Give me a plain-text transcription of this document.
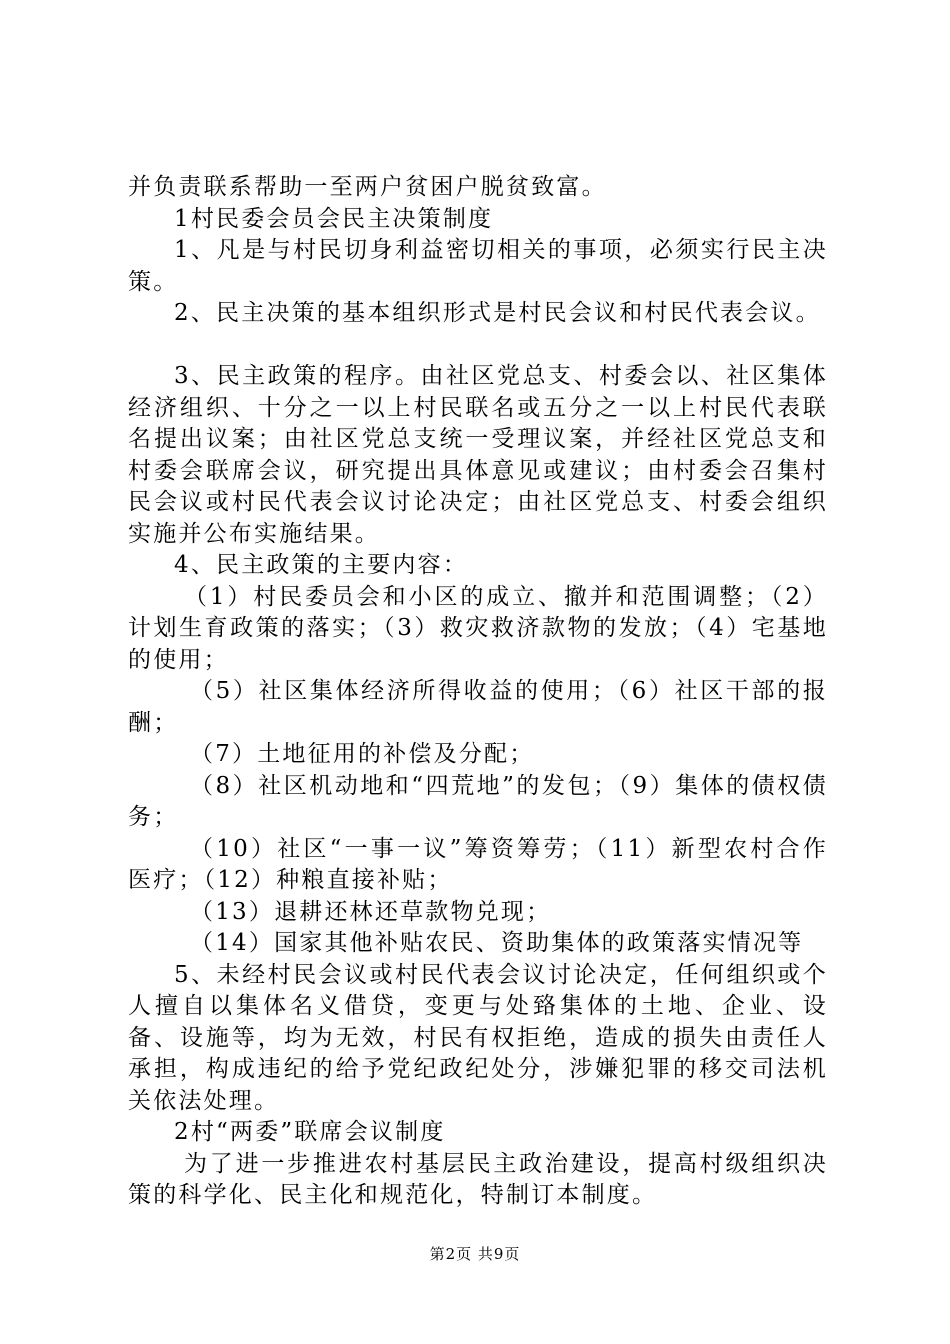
并负责联系帮助一至两户贫困户脱贫致富。

1村民委会员会民主决策制度

1、凡是与村民切身利益密切相关的事项，必须实行民主决策。

2、民主决策的基本组织形式是村民会议和村民代表会议。

3、民主政策的程序。由社区党总支、村委会以、社区集体经济组织、十分之一以上村民联名或五分之一以上村民代表联名提出议案；由社区党总支统一受理议案，并经社区党总支和村委会联席会议，研究提出具体意见或建议；由村委会召集村民会议或村民代表会议讨论决定；由社区党总支、村委会组织实施并公布实施结果。

4、民主政策的主要内容：

（1）村民委员会和小区的成立、撤并和范围调整；（2）计划生育政策的落实；（3）救灾救济款物的发放；（4）宅基地的使用；

（5）社区集体经济所得收益的使用；（6）社区干部的报酬；

（7）土地征用的补偿及分配；

（8）社区机动地和“四荒地”的发包；（9）集体的债权债务；

（10）社区“一事一议”筹资筹劳；（11）新型农村合作医疗；（12）种粮直接补贴；

（13）退耕还林还草款物兑现；

（14）国家其他补贴农民、资助集体的政策落实情况等

5、未经村民会议或村民代表会议讨论决定，任何组织或个人擅自以集体名义借贷，变更与处臵集体的土地、企业、设备、设施等，均为无效，村民有权拒绝，造成的损失由责任人承担，构成违纪的给予党纪政纪处分，涉嫌犯罪的移交司法机关依法处理。

2村“两委”联席会议制度

为了进一步推进农村基层民主政治建设，提高村级组织决策的科学化、民主化和规范化，特制订本制度。

第2页 共9页
